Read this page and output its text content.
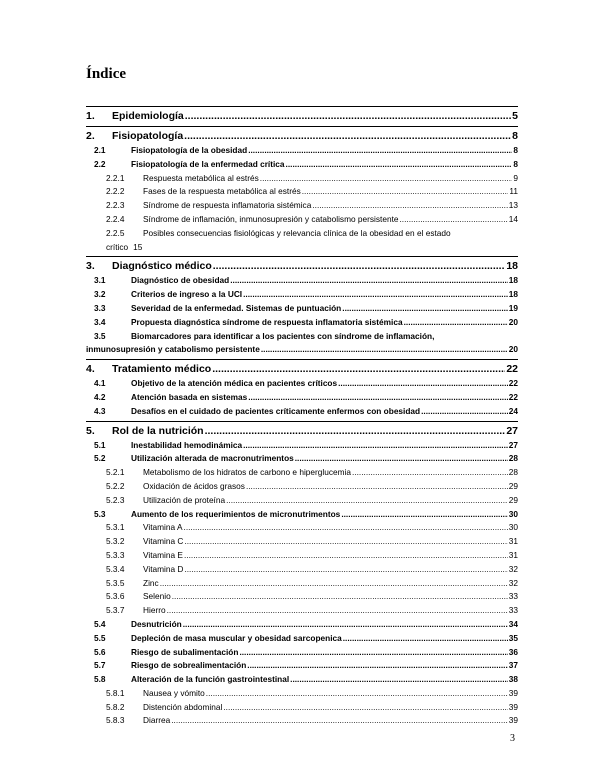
Índice
1.	Epidemiología .....	5
2.	Fisiopatología .....	8
2.1	Fisiopatología de la obesidad .....	8
2.2	Fisiopatología de la enfermedad crítica .....	8
2.2.1	Respuesta metabólica al estrés .....	9
2.2.2	Fases de la respuesta metabólica al estrés .....	11
2.2.3	Síndrome de respuesta inflamatoria sistémica .....	13
2.2.4	Síndrome de inflamación, inmunosupresión y catabolismo persistente .....	14
2.2.5	Posibles consecuencias fisiológicas y relevancia clínica de la obesidad en el estado
crítico 15
3.	Diagnóstico médico .....	18
3.1	Diagnóstico de obesidad .....	18
3.2	Criterios de ingreso a la UCI .....	18
3.3	Severidad de la enfermedad. Sistemas de puntuación .....	19
3.4	Propuesta diagnóstica síndrome de respuesta inflamatoria sistémica .....	20
3.5	Biomarcadores para identificar a los pacientes con síndrome de inflamación,
inmunosupresión y catabolismo persistente .....	20
4.	Tratamiento médico .....	22
4.1	Objetivo de la atención médica en pacientes críticos .....	22
4.2	Atención basada en sistemas .....	22
4.3	Desafíos en el cuidado de pacientes críticamente enfermos con obesidad .....	24
5.	Rol de la nutrición .....	27
5.1	Inestabilidad hemodinámica .....	27
5.2	Utilización alterada de macronutrimentos .....	28
5.2.1	Metabolismo de los hidratos de carbono e hiperglucemia .....	28
5.2.2	Oxidación de ácidos grasos .....	29
5.2.3	Utilización de proteína .....	29
5.3	Aumento de los requerimientos de micronutrimentos .....	30
5.3.1	Vitamina A .....	30
5.3.2	Vitamina C .....	31
5.3.3	Vitamina E .....	31
5.3.4	Vitamina D .....	32
5.3.5	Zinc .....	32
5.3.6	Selenio .....	33
5.3.7	Hierro .....	33
5.4	Desnutrición .....	34
5.5	Depleción de masa muscular y obesidad sarcopenica .....	35
5.6	Riesgo de subalimentación .....	36
5.7	Riesgo de sobrealimentación .....	37
5.8	Alteración de la función gastrointestinal .....	38
5.8.1	Nausea y vómito .....	39
5.8.2	Distención abdominal .....	39
5.8.3	Diarrea .....	39
3
